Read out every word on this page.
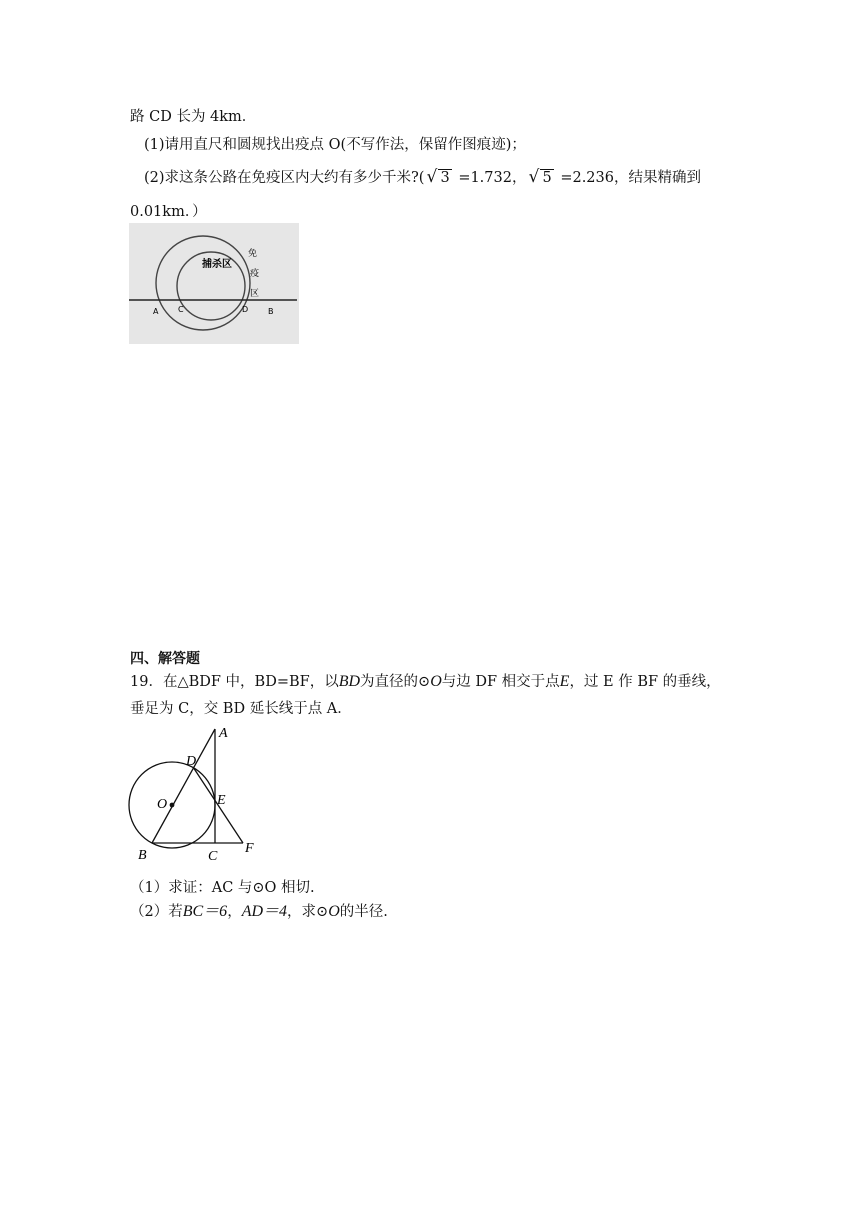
路 CD 长为 4km．
(1)请用直尺和圆规找出疫点 O(不写作法，保留作图痕迹)；
(2)求这条公路在免疫区内大约有多少千米?( √ 3 =1.732， √ 5 =2.236，结果精确到
0.01km．）
捕杀区
免
疫
区
A C	D B
四、解答题
19．在△BDF 中，BD=BF，以BD为直径的⊙O与边 DF 相交于点E，过 E 作 BF 的垂线，
垂足为 C，交 BD 延长线于点 A．
A
D
O	E
B	C
F
（1）求证：AC 与⊙O 相切.
（2）若BC＝6，AD＝4，求⊙O的半径.
